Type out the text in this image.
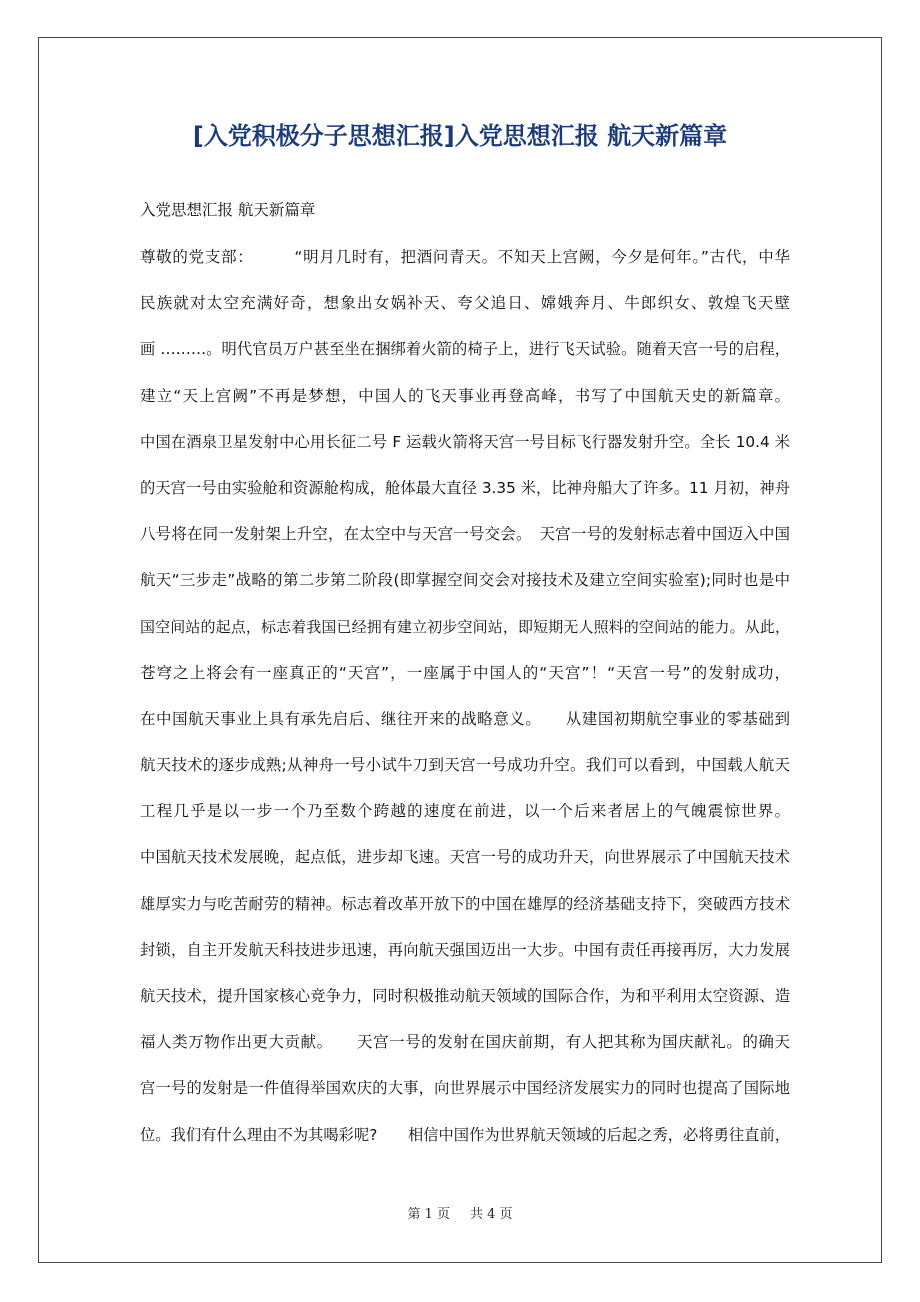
[入党积极分子思想汇报]入党思想汇报 航天新篇章

入党思想汇报 航天新篇章

尊敬的党支部：　　　“明月几时有，把酒问青天。不知天上宫阙，今夕是何年。”古代，中华
民族就对太空充满好奇，想象出女娲补天、夸父追日、嫦娥奔月、牛郎织女、敦煌飞天壁
画 ………。明代官员万户甚至坐在捆绑着火箭的椅子上，进行飞天试验。随着天宫一号的启程，
建立“天上宫阙”不再是梦想，中国人的飞天事业再登高峰，书写了中国航天史的新篇章。
中国在酒泉卫星发射中心用长征二号 F 运载火箭将天宫一号目标飞行器发射升空。全长 10.4 米
的天宫一号由实验舱和资源舱构成，舱体最大直径 3.35 米，比神舟船大了许多。11 月初，神舟
八号将在同一发射架上升空，在太空中与天宫一号交会。　天宫一号的发射标志着中国迈入中国
航天“三步走”战略的第二步第二阶段(即掌握空间交会对接技术及建立空间实验室);同时也是中
国空间站的起点，标志着我国已经拥有建立初步空间站，即短期无人照料的空间站的能力。从此，
苍穹之上将会有一座真正的“天宫”，一座属于中国人的“天宫”！“天宫一号”的发射成功，
在中国航天事业上具有承先启后、继往开来的战略意义。　　从建国初期航空事业的零基础到
航天技术的逐步成熟;从神舟一号小试牛刀到天宫一号成功升空。我们可以看到，中国载人航天
工程几乎是以一步一个乃至数个跨越的速度在前进，以一个后来者居上的气魄震惊世界。
中国航天技术发展晚，起点低，进步却飞速。天宫一号的成功升天，向世界展示了中国航天技术
雄厚实力与吃苦耐劳的精神。标志着改革开放下的中国在雄厚的经济基础支持下，突破西方技术
封锁，自主开发航天科技进步迅速，再向航天强国迈出一大步。中国有责任再接再厉，大力发展
航天技术，提升国家核心竞争力，同时积极推动航天领域的国际合作，为和平利用太空资源、造
福人类万物作出更大贡献。　　天宫一号的发射在国庆前期，有人把其称为国庆献礼。的确天
宫一号的发射是一件值得举国欢庆的大事，向世界展示中国经济发展实力的同时也提高了国际地
位。我们有什么理由不为其喝彩呢?　　相信中国作为世界航天领域的后起之秀，必将勇往直前，
第 1 页 共 4 页
